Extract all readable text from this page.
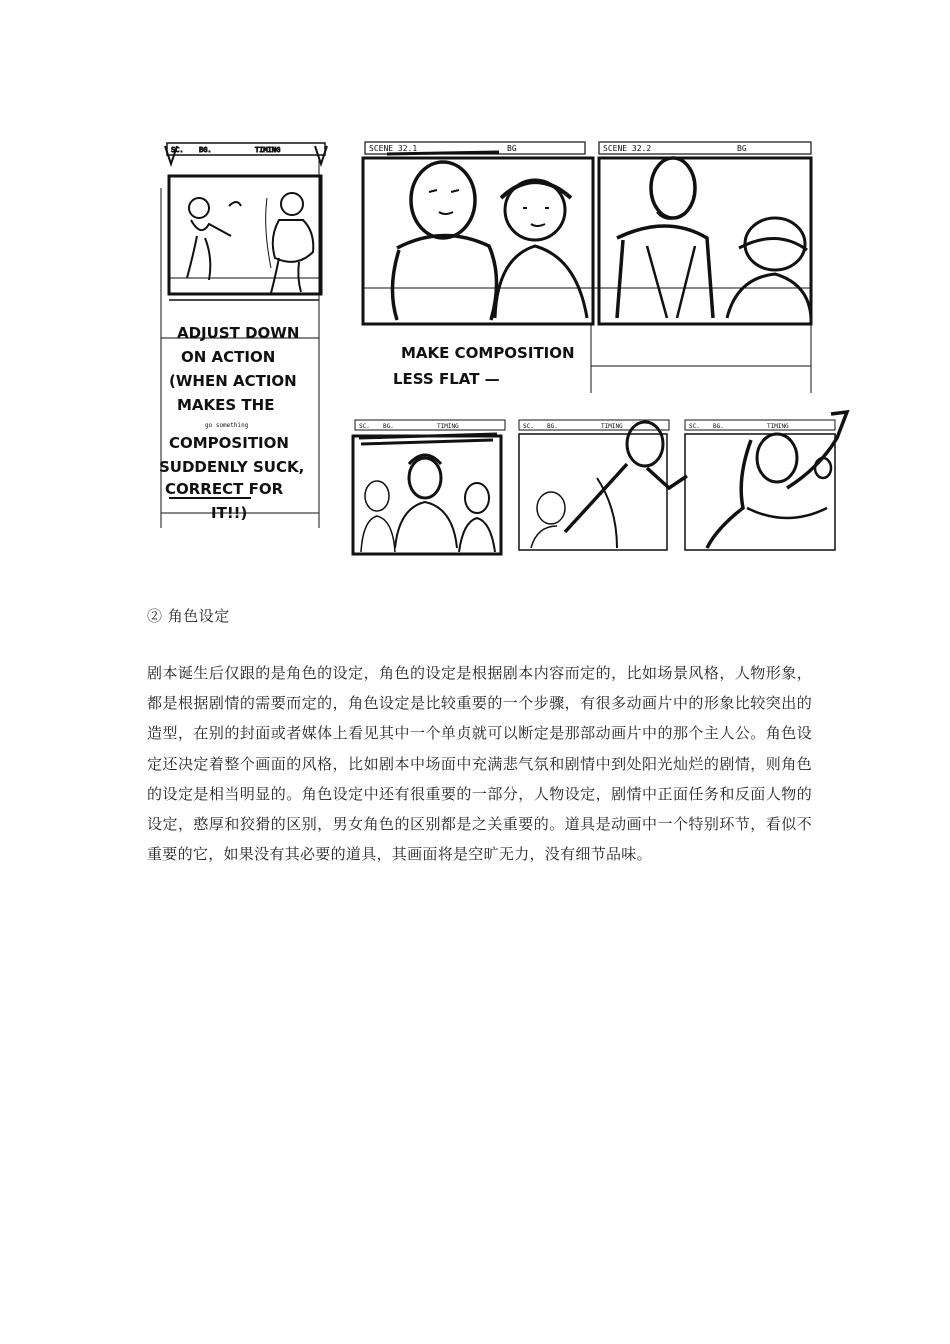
SC. BG.	TIMING
ADJUST DOWN
ON ACTION
(WHEN ACTION
MAKES THE
go something
COMPOSITION
SUDDENLY SUCK,
CORRECT FOR
IT!!)
SCENE 32.1	BG	SCENE 32.2	BG
MAKE COMPOSITION
LESS FLAT —
SC. BG.	TIMING	SC. BG.	TIMING	SC. BG.	TIMING
② 角色设定

剧本诞生后仅跟的是角色的设定，角色的设定是根据剧本内容而定的，比如场景风格，人物形象，都是根据剧情的需要而定的，角色设定是比较重要的一个步骤，有很多动画片中的形象比较突出的造型，在别的封面或者媒体上看见其中一个单贞就可以断定是那部动画片中的那个主人公。角色设定还决定着整个画面的风格，比如剧本中场面中充满悲气氛和剧情中到处阳光灿烂的剧情，则角色的设定是相当明显的。角色设定中还有很重要的一部分，人物设定，剧情中正面任务和反面人物的设定，憨厚和狡猾的区别，男女角色的区别都是之关重要的。道具是动画中一个特别环节，看似不重要的它，如果没有其必要的道具，其画面将是空旷无力，没有细节品味。
